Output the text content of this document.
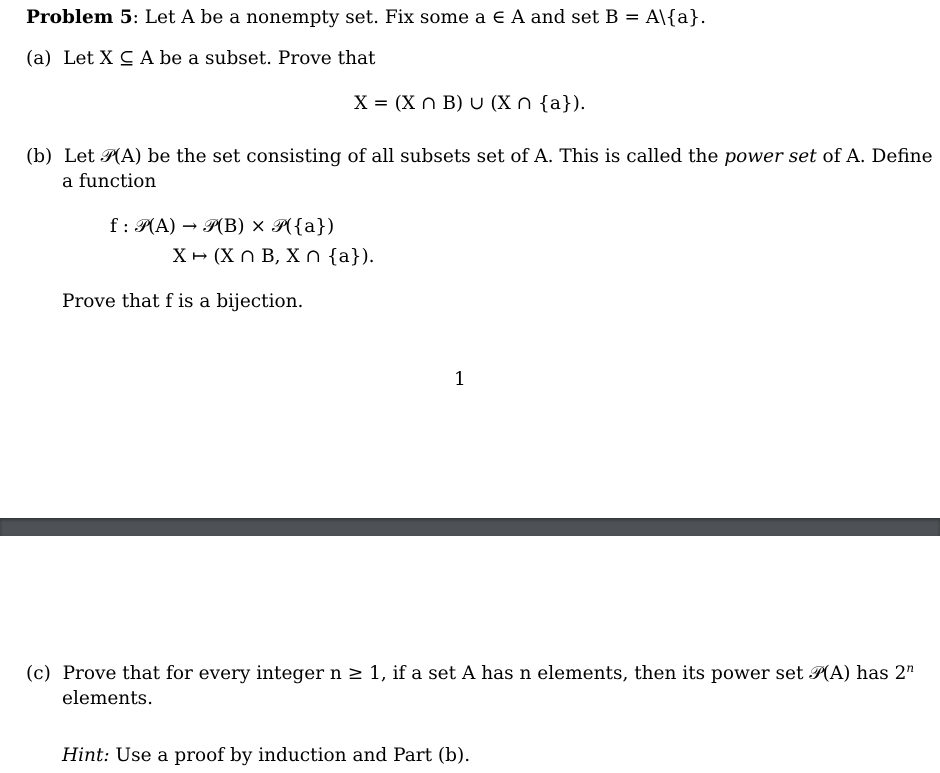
Problem 5: Let A be a nonempty set. Fix some a ∈ A and set B = A\{a}.
(a) Let X ⊆ A be a subset. Prove that
X = (X ∩ B) ∪ (X ∩ {a}).
(b) Let 𝒫(A) be the set consisting of all subsets set of A. This is called the power set of A. Define
a function
f : 𝒫(A) → 𝒫(B) × 𝒫({a})
X ↦ (X ∩ B, X ∩ {a}).
Prove that f is a bijection.
1
(c) Prove that for every integer n ≥ 1, if a set A has n elements, then its power set 𝒫(A) has 2$^n$
elements.
Hint: Use a proof by induction and Part (b).
